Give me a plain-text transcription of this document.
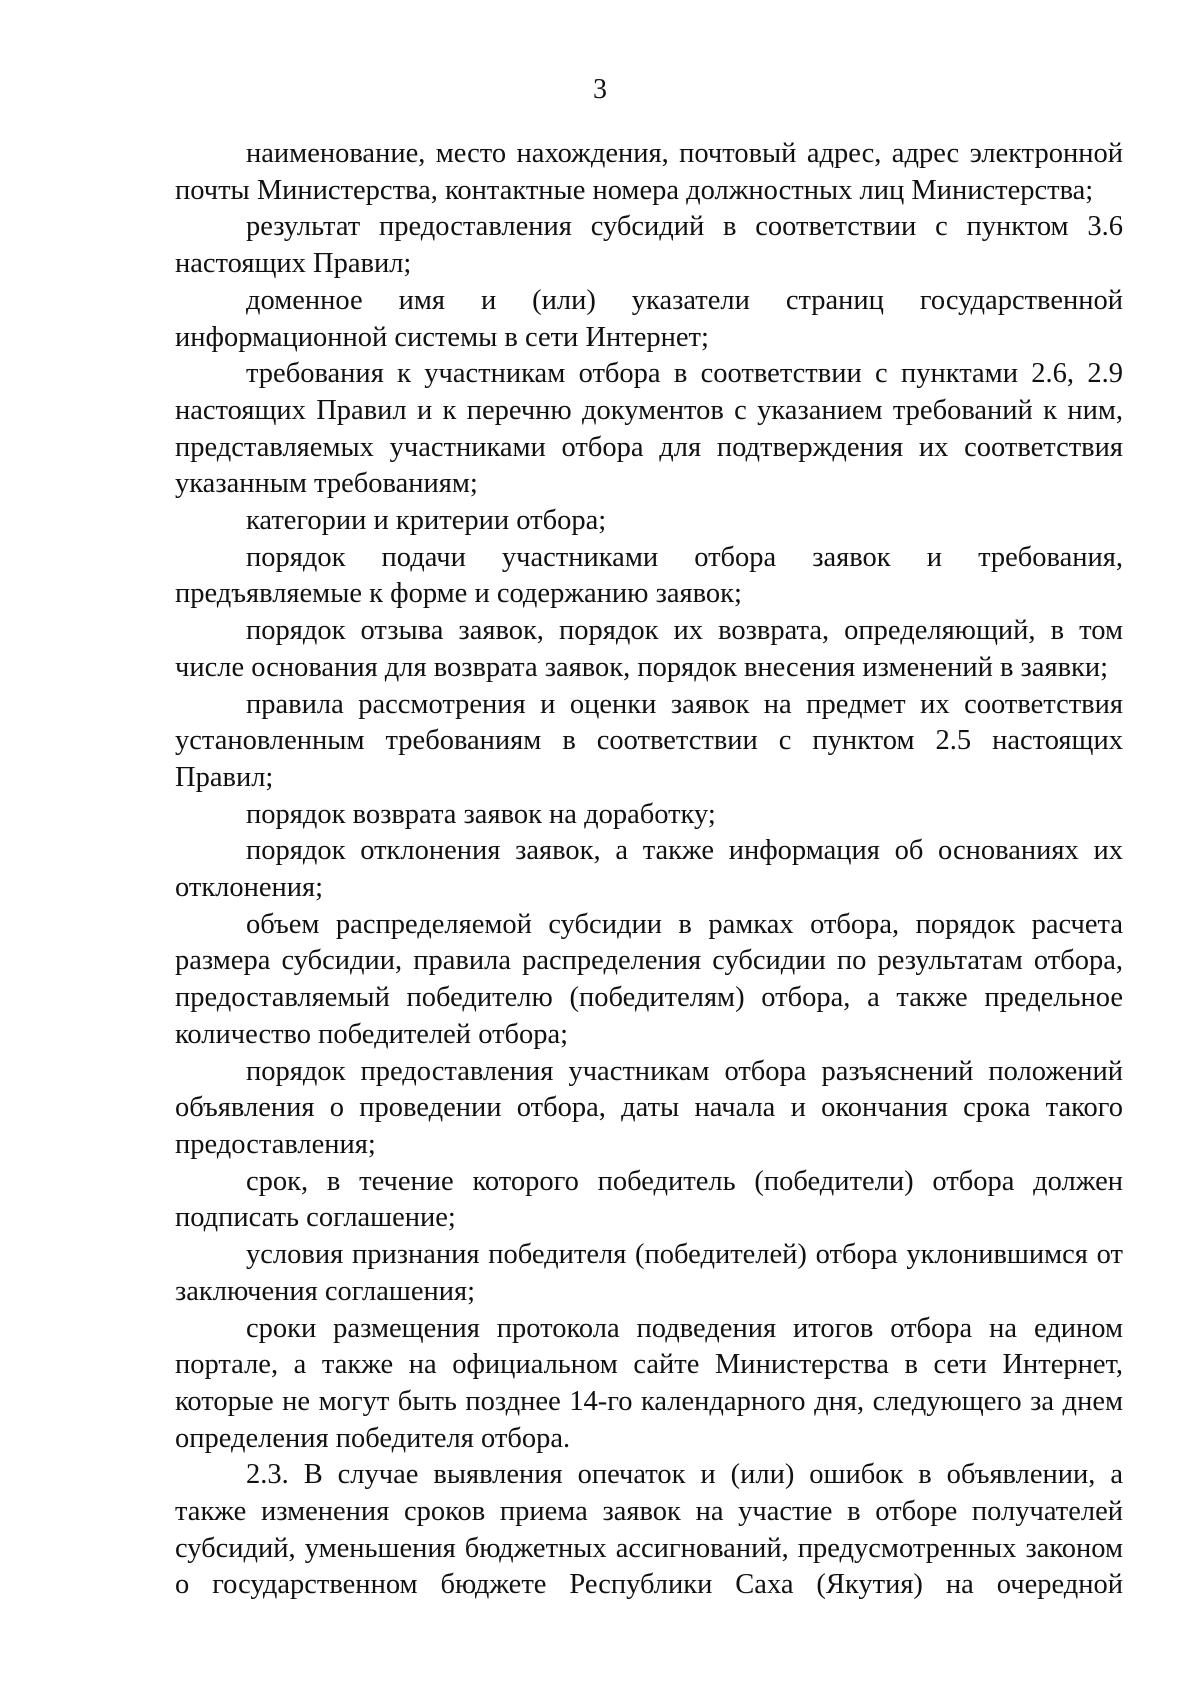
3

наименование, место нахождения, почтовый адрес, адрес электронной почты Министерства, контактные номера должностных лиц Министерства;

результат предоставления субсидий в соответствии с пунктом 3.6 настоящих Правил;

доменное имя и (или) указатели страниц государственной информационной системы в сети Интернет;

требования к участникам отбора в соответствии с пунктами 2.6, 2.9 настоящих Правил и к перечню документов с указанием требований к ним, представляемых участниками отбора для подтверждения их соответствия указанным требованиям;

категории и критерии отбора;

порядок подачи участниками отбора заявок и требования, предъявляемые к форме и содержанию заявок;

порядок отзыва заявок, порядок их возврата, определяющий, в том числе основания для возврата заявок, порядок внесения изменений в заявки;

правила рассмотрения и оценки заявок на предмет их соответствия установленным требованиям в соответствии с пунктом 2.5 настоящих Правил;

порядок возврата заявок на доработку;

порядок отклонения заявок, а также информация об основаниях их отклонения;

объем распределяемой субсидии в рамках отбора, порядок расчета размера субсидии, правила распределения субсидии по результатам отбора, предоставляемый победителю (победителям) отбора, а также предельное количество победителей отбора;

порядок предоставления участникам отбора разъяснений положений объявления о проведении отбора, даты начала и окончания срока такого предоставления;

срок, в течение которого победитель (победители) отбора должен подписать соглашение;

условия признания победителя (победителей) отбора уклонившимся от заключения соглашения;

сроки размещения протокола подведения итогов отбора на едином портале, а также на официальном сайте Министерства в сети Интернет, которые не могут быть позднее 14-го календарного дня, следующего за днем определения победителя отбора.

2.3. В случае выявления опечаток и (или) ошибок в объявлении, а также изменения сроков приема заявок на участие в отборе получателей субсидий, уменьшения бюджетных ассигнований, предусмотренных законом о государственном бюджете Республики Саха (Якутия) на очередной
